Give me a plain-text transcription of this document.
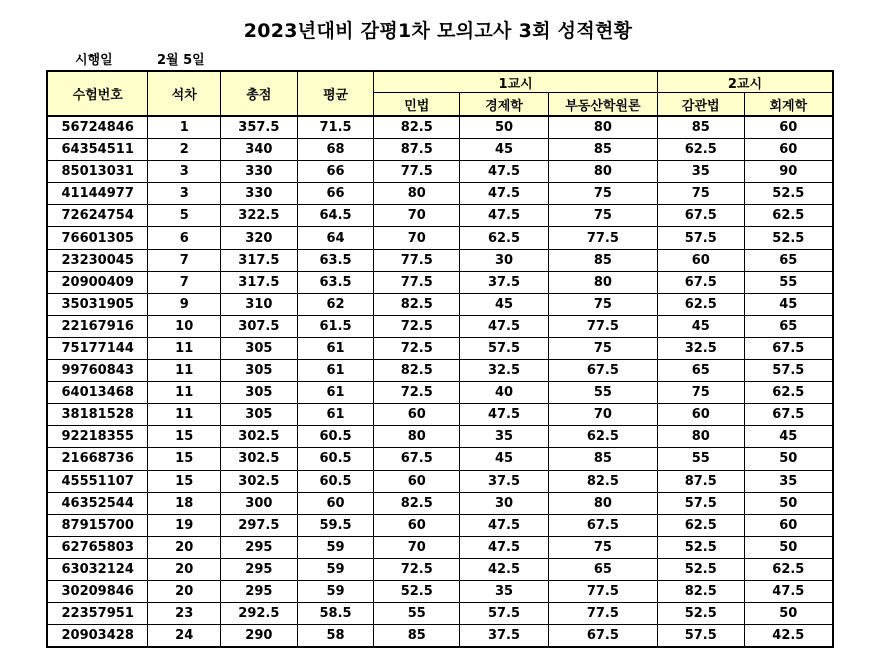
2023년대비 감평1차 모의고사 3회 성적현황
시행일	2월 5일
수험번호	석차	총점	평균	1교시			2교시	
				민법	경제학	부동산학원론	감관법	회계학
56724846	1	357.5	71.5	82.5	50	80	85	60
64354511	2	340	68	87.5	45	85	62.5	60
85013031	3	330	66	77.5	47.5	80	35	90
41144977	3	330	66	80	47.5	75	75	52.5
72624754	5	322.5	64.5	70	47.5	75	67.5	62.5
76601305	6	320	64	70	62.5	77.5	57.5	52.5
23230045	7	317.5	63.5	77.5	30	85	60	65
20900409	7	317.5	63.5	77.5	37.5	80	67.5	55
35031905	9	310	62	82.5	45	75	62.5	45
22167916	10	307.5	61.5	72.5	47.5	77.5	45	65
75177144	11	305	61	72.5	57.5	75	32.5	67.5
99760843	11	305	61	82.5	32.5	67.5	65	57.5
64013468	11	305	61	72.5	40	55	75	62.5
38181528	11	305	61	60	47.5	70	60	67.5
92218355	15	302.5	60.5	80	35	62.5	80	45
21668736	15	302.5	60.5	67.5	45	85	55	50
45551107	15	302.5	60.5	60	37.5	82.5	87.5	35
46352544	18	300	60	82.5	30	80	57.5	50
87915700	19	297.5	59.5	60	47.5	67.5	62.5	60
62765803	20	295	59	70	47.5	75	52.5	50
63032124	20	295	59	72.5	42.5	65	52.5	62.5
30209846	20	295	59	52.5	35	77.5	82.5	47.5
22357951	23	292.5	58.5	55	57.5	77.5	52.5	50
20903428	24	290	58	85	37.5	67.5	57.5	42.5
